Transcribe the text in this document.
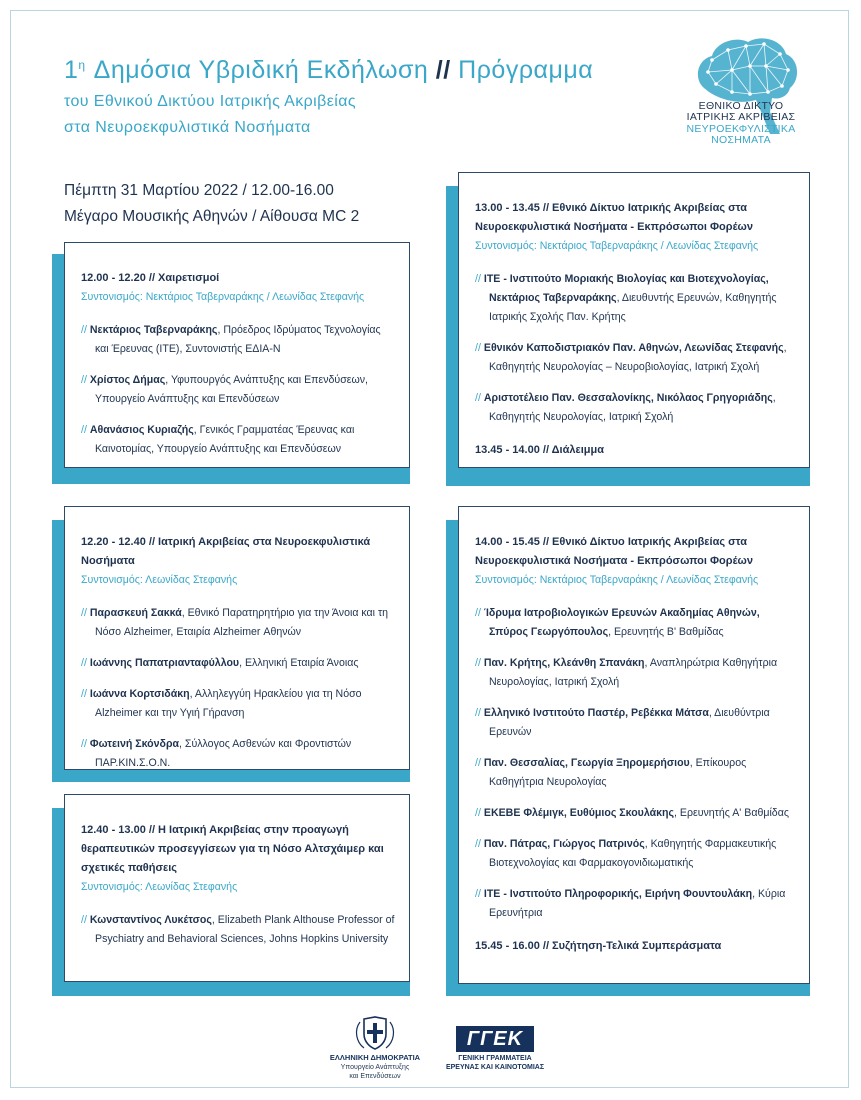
$1^\eta$ Δημόσια Υβριδική Εκδήλωση // Πρόγραμμα
του Εθνικού Δικτύου Ιατρικής Ακριβείας
στα Νευροεκφυλιστικά Νοσήματα
ΕΘΝΙΚΟ ΔΙΚΤΥΟ
ΙΑΤΡΙΚΗΣ ΑΚΡΙΒΕΙΑΣ
ΝΕΥΡΟΕΚΦΥΛΙΣΤΙΚΑ
ΝΟΣΗΜΑΤΑ
Πέμπτη 31 Μαρτίου 2022 / 12.00-16.00
Μέγαρο Μουσικής Αθηνών / Αίθουσα MC 2
12.00 - 12.20 // Χαιρετισμοί
Συντονισμός: Νεκτάριος Ταβερναράκης / Λεωνίδας Στεφανής
// Νεκτάριος Ταβερναράκης, Πρόεδρος Ιδρύματος Τεχνολογίας και Έρευνας (ΙΤΕ), Συντονιστής ΕΔΙΑ-Ν
// Χρίστος Δήμας, Υφυπουργός Ανάπτυξης και Επενδύσεων, Υπουργείο Ανάπτυξης και Επενδύσεων
// Αθανάσιος Κυριαζής, Γενικός Γραμματέας Έρευνας και Καινοτομίας, Υπουργείο Ανάπτυξης και Επενδύσεων
13.00 - 13.45 // Εθνικό Δίκτυο Ιατρικής Ακριβείας στα Νευροεκφυλιστικά Νοσήματα - Εκπρόσωποι Φορέων
Συντονισμός: Νεκτάριος Ταβερναράκης / Λεωνίδας Στεφανής
// ΙΤΕ - Ινστιτούτο Μοριακής Βιολογίας και Βιοτεχνολογίας, Νεκτάριος Ταβερναράκης, Διευθυντής Ερευνών, Καθηγητής Ιατρικής Σχολής Παν. Κρήτης
// Εθνικόν Καποδιστριακόν Παν. Αθηνών, Λεωνίδας Στεφανής, Καθηγητής Νευρολογίας – Νευροβιολογίας, Ιατρική Σχολή
// Αριστοτέλειο Παν. Θεσσαλονίκης, Νικόλαος Γρηγοριάδης, Καθηγητής Νευρολογίας, Ιατρική Σχολή
13.45 - 14.00 // Διάλειμμα
12.20 - 12.40 // Ιατρική Ακριβείας στα Νευροεκφυλιστικά Νοσήματα
Συντονισμός: Λεωνίδας Στεφανής
// Παρασκευή Σακκά, Εθνικό Παρατηρητήριο για την Άνοια και τη Νόσο Alzheimer, Εταιρία Alzheimer Αθηνών
// Ιωάννης Παπατριανταφύλλου, Ελληνική Εταιρία Άνοιας
// Ιωάννα Κορτσιδάκη, Αλληλεγγύη Ηρακλείου για τη Νόσο Alzheimer και την Υγιή Γήρανση
// Φωτεινή Σκόνδρα, Σύλλογος Ασθενών και Φροντιστών ΠΑΡ.ΚΙΝ.Σ.Ο.Ν.
14.00 - 15.45 // Εθνικό Δίκτυο Ιατρικής Ακριβείας στα Νευροεκφυλιστικά Νοσήματα - Εκπρόσωποι Φορέων
Συντονισμός: Νεκτάριος Ταβερναράκης / Λεωνίδας Στεφανής
// Ίδρυμα Ιατροβιολογικών Ερευνών Ακαδημίας Αθηνών, Σπύρος Γεωργόπουλος, Ερευνητής Β' Βαθμίδας
// Παν. Κρήτης, Κλεάνθη Σπανάκη, Αναπληρώτρια Καθηγήτρια Νευρολογίας, Ιατρική Σχολή
// Ελληνικό Ινστιτούτο Παστέρ, Ρεβέκκα Μάτσα, Διευθύντρια Ερευνών
// Παν. Θεσσαλίας, Γεωργία Ξηρομερήσιου, Επίκουρος Καθηγήτρια Νευρολογίας
// ΕΚΕΒΕ Φλέμιγκ, Ευθύμιος Σκουλάκης, Ερευνητής Α' Βαθμίδας
// Παν. Πάτρας, Γιώργος Πατρινός, Καθηγητής Φαρμακευτικής Βιοτεχνολογίας και Φαρμακογονιδιωματικής
// ΙΤΕ - Ινστιτούτο Πληροφορικής, Ειρήνη Φουντουλάκη, Κύρια Ερευνήτρια
15.45 - 16.00 // Συζήτηση-Τελικά Συμπεράσματα
12.40 - 13.00 // Η Ιατρική Ακριβείας στην προαγωγή θεραπευτικών προσεγγίσεων για τη Νόσο Αλτσχάιμερ και σχετικές παθήσεις
Συντονισμός: Λεωνίδας Στεφανής
// Κωνσταντίνος Λυκέτσος, Elizabeth Plank Althouse Professor of Psychiatry and Behavioral Sciences, Johns Hopkins University
ΕΛΛΗΝΙΚΗ ΔΗΜΟΚΡΑΤΙΑ
Υπουργείο Ανάπτυξης
και Επενδύσεων
ΓΓΕΚ
ΓΕΝΙΚΗ ΓΡΑΜΜΑΤΕΙΑ
ΕΡΕΥΝΑΣ ΚΑΙ ΚΑΙΝΟΤΟΜΙΑΣ
